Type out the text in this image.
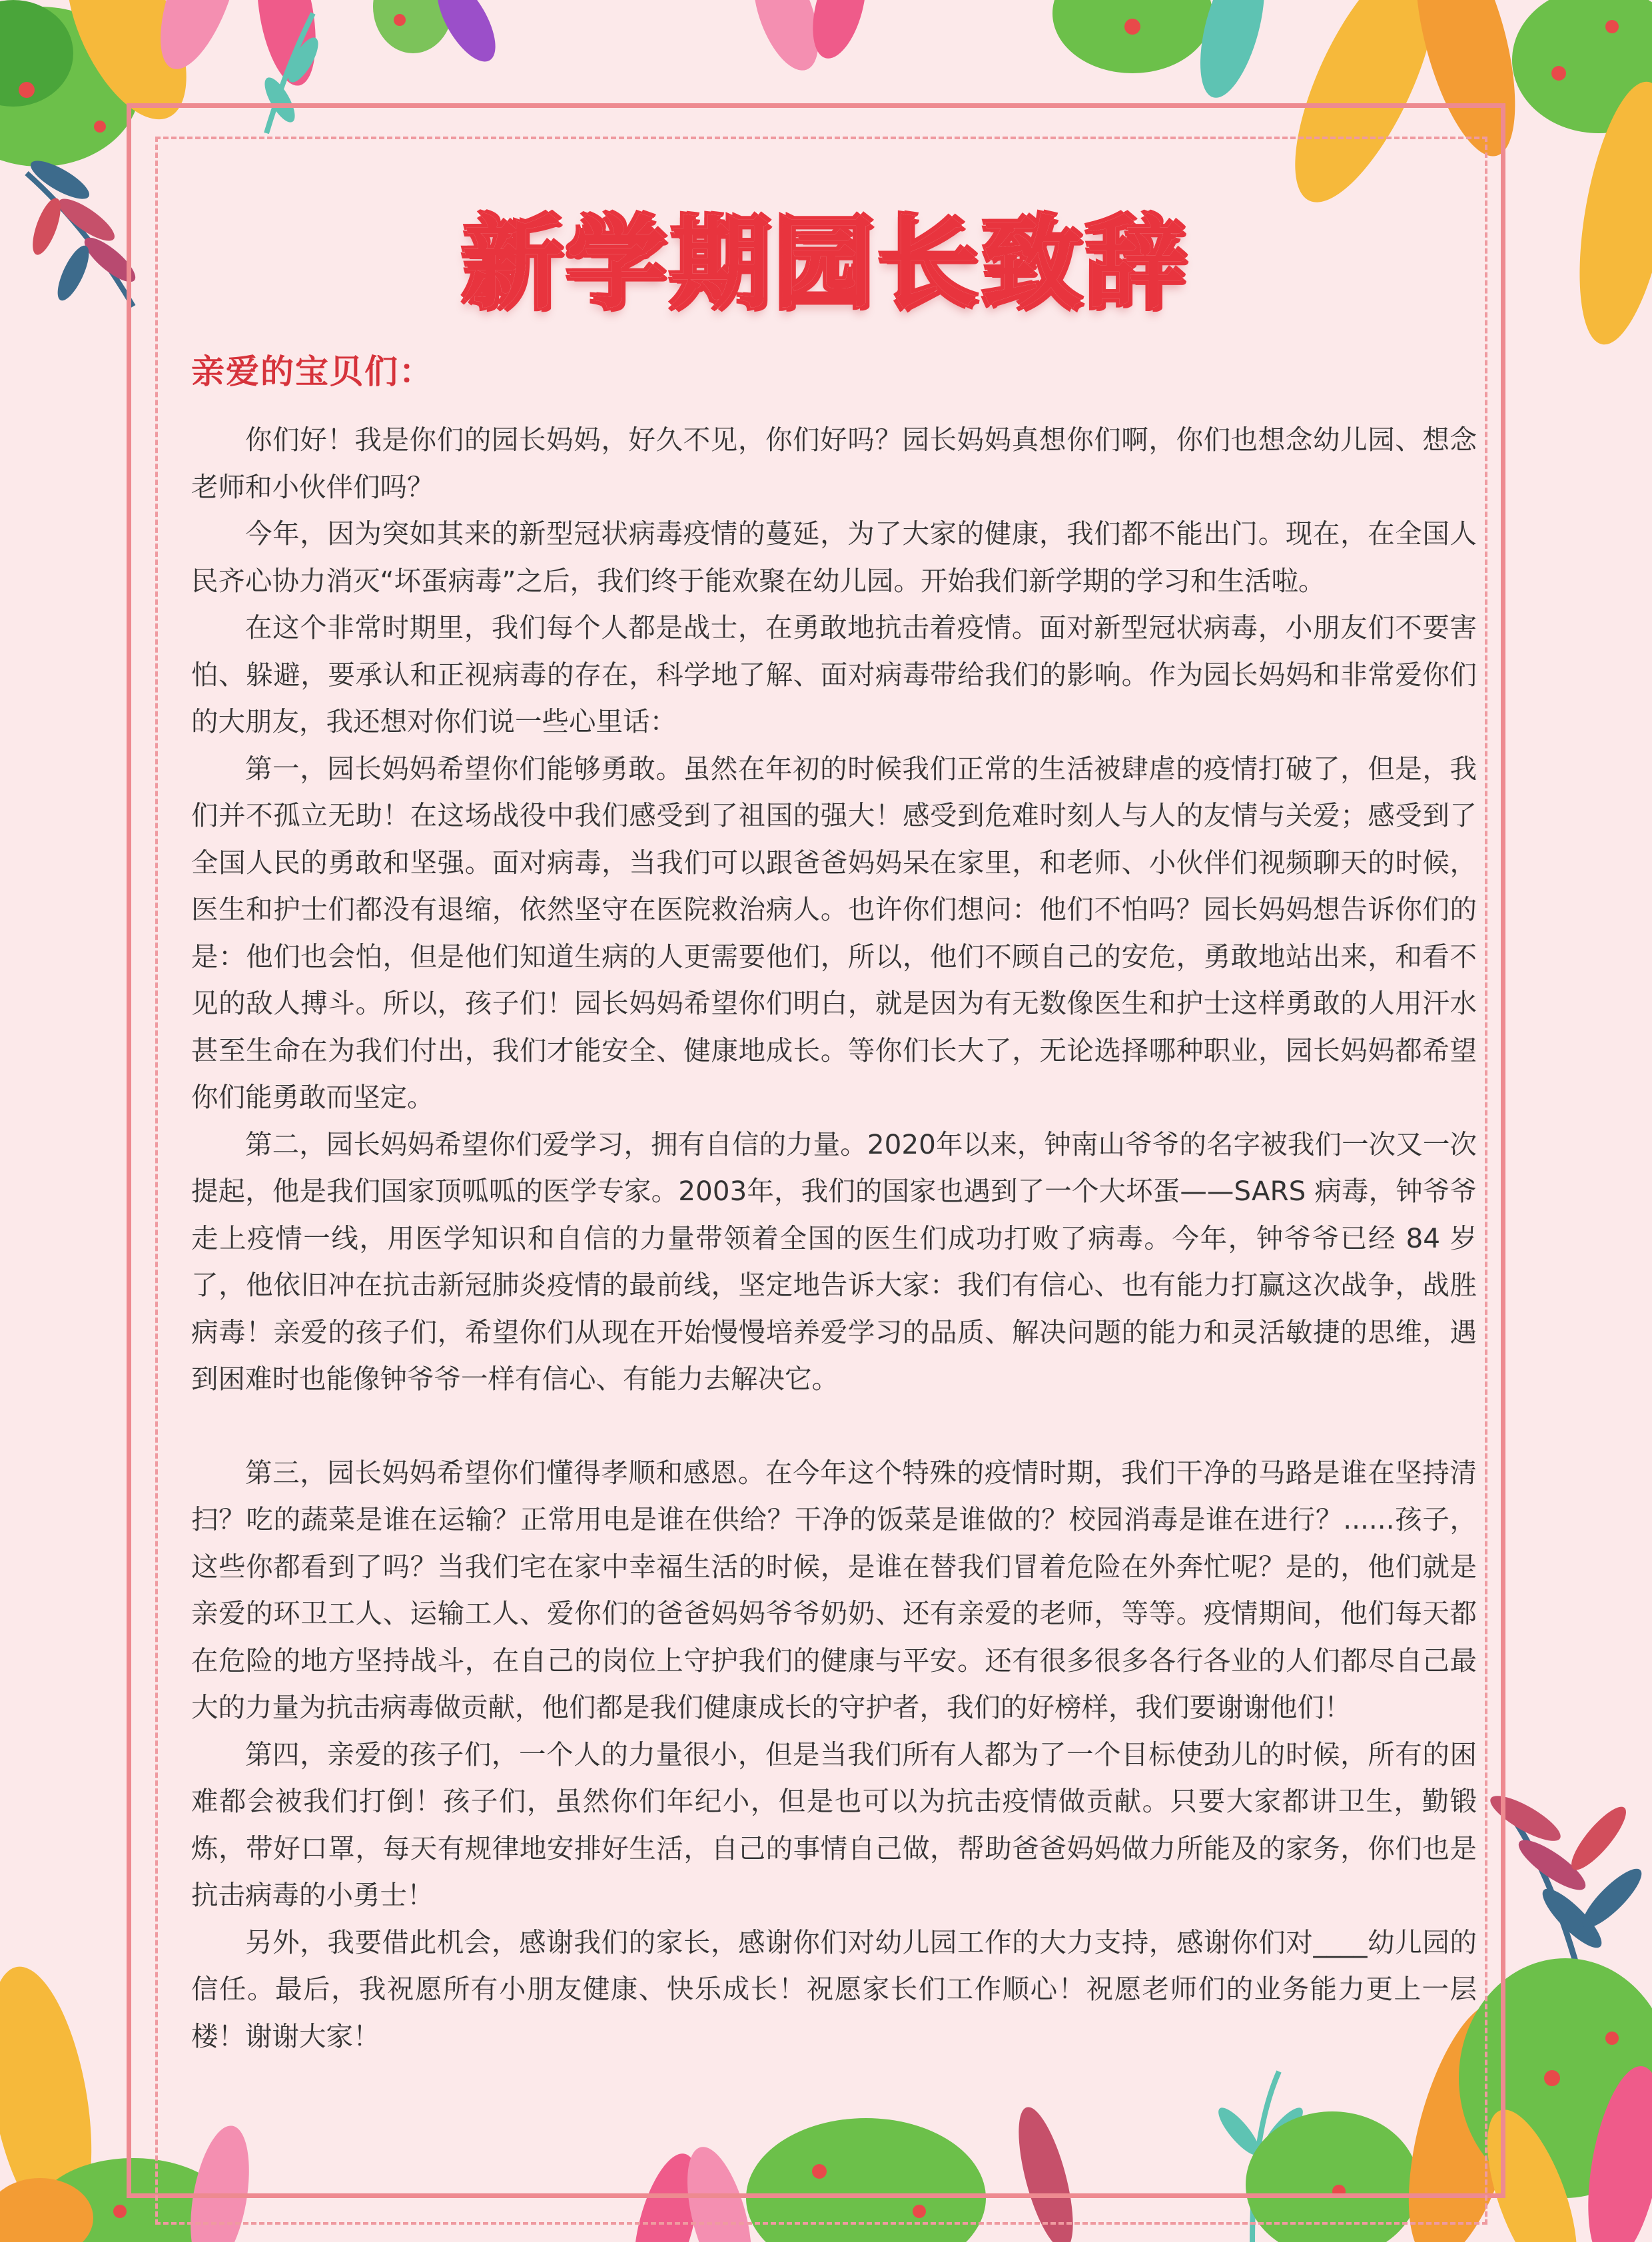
新学期园长致辞
亲爱的宝贝们：

你们好！我是你们的园长妈妈，好久不见，你们好吗？园长妈妈真想你们啊，你们也想念幼儿园、想念老师和小伙伴们吗？

今年，因为突如其来的新型冠状病毒疫情的蔓延，为了大家的健康，我们都不能出门。现在，在全国人民齐心协力消灭“坏蛋病毒”之后，我们终于能欢聚在幼儿园。开始我们新学期的学习和生活啦。

在这个非常时期里，我们每个人都是战士，在勇敢地抗击着疫情。面对新型冠状病毒，小朋友们不要害怕、躲避，要承认和正视病毒的存在，科学地了解、面对病毒带给我们的影响。作为园长妈妈和非常爱你们的大朋友，我还想对你们说一些心里话：

第一，园长妈妈希望你们能够勇敢。虽然在年初的时候我们正常的生活被肆虐的疫情打破了，但是，我们并不孤立无助！在这场战役中我们感受到了祖国的强大！感受到危难时刻人与人的友情与关爱；感受到了全国人民的勇敢和坚强。面对病毒，当我们可以跟爸爸妈妈呆在家里，和老师、小伙伴们视频聊天的时候，医生和护士们都没有退缩，依然坚守在医院救治病人。也许你们想问：他们不怕吗？园长妈妈想告诉你们的是：他们也会怕，但是他们知道生病的人更需要他们，所以，他们不顾自己的安危，勇敢地站出来，和看不见的敌人搏斗。所以，孩子们！园长妈妈希望你们明白，就是因为有无数像医生和护士这样勇敢的人用汗水甚至生命在为我们付出，我们才能安全、健康地成长。等你们长大了，无论选择哪种职业，园长妈妈都希望你们能勇敢而坚定。

第二，园长妈妈希望你们爱学习，拥有自信的力量。2020年以来，钟南山爷爷的名字被我们一次又一次提起，他是我们国家顶呱呱的医学专家。2003年，我们的国家也遇到了一个大坏蛋——SARS 病毒，钟爷爷走上疫情一线，用医学知识和自信的力量带领着全国的医生们成功打败了病毒。今年，钟爷爷已经 84 岁了，他依旧冲在抗击新冠肺炎疫情的最前线，坚定地告诉大家：我们有信心、也有能力打赢这次战争，战胜病毒！亲爱的孩子们，希望你们从现在开始慢慢培养爱学习的品质、解决问题的能力和灵活敏捷的思维，遇到困难时也能像钟爷爷一样有信心、有能力去解决它。

第三，园长妈妈希望你们懂得孝顺和感恩。在今年这个特殊的疫情时期，我们干净的马路是谁在坚持清扫？吃的蔬菜是谁在运输？正常用电是谁在供给？干净的饭菜是谁做的？校园消毒是谁在进行？......孩子，这些你都看到了吗？当我们宅在家中幸福生活的时候，是谁在替我们冒着危险在外奔忙呢？是的，他们就是亲爱的环卫工人、运输工人、爱你们的爸爸妈妈爷爷奶奶、还有亲爱的老师，等等。疫情期间，他们每天都在危险的地方坚持战斗，在自己的岗位上守护我们的健康与平安。还有很多很多各行各业的人们都尽自己最大的力量为抗击病毒做贡献，他们都是我们健康成长的守护者，我们的好榜样，我们要谢谢他们！

第四，亲爱的孩子们，一个人的力量很小，但是当我们所有人都为了一个目标使劲儿的时候，所有的困难都会被我们打倒！孩子们，虽然你们年纪小，但是也可以为抗击疫情做贡献。只要大家都讲卫生，勤锻炼，带好口罩，每天有规律地安排好生活，自己的事情自己做，帮助爸爸妈妈做力所能及的家务，你们也是抗击病毒的小勇士！

另外，我要借此机会，感谢我们的家长，感谢你们对幼儿园工作的大力支持，感谢你们对____幼儿园的信任。最后，我祝愿所有小朋友健康、快乐成长！祝愿家长们工作顺心！祝愿老师们的业务能力更上一层楼！谢谢大家！
